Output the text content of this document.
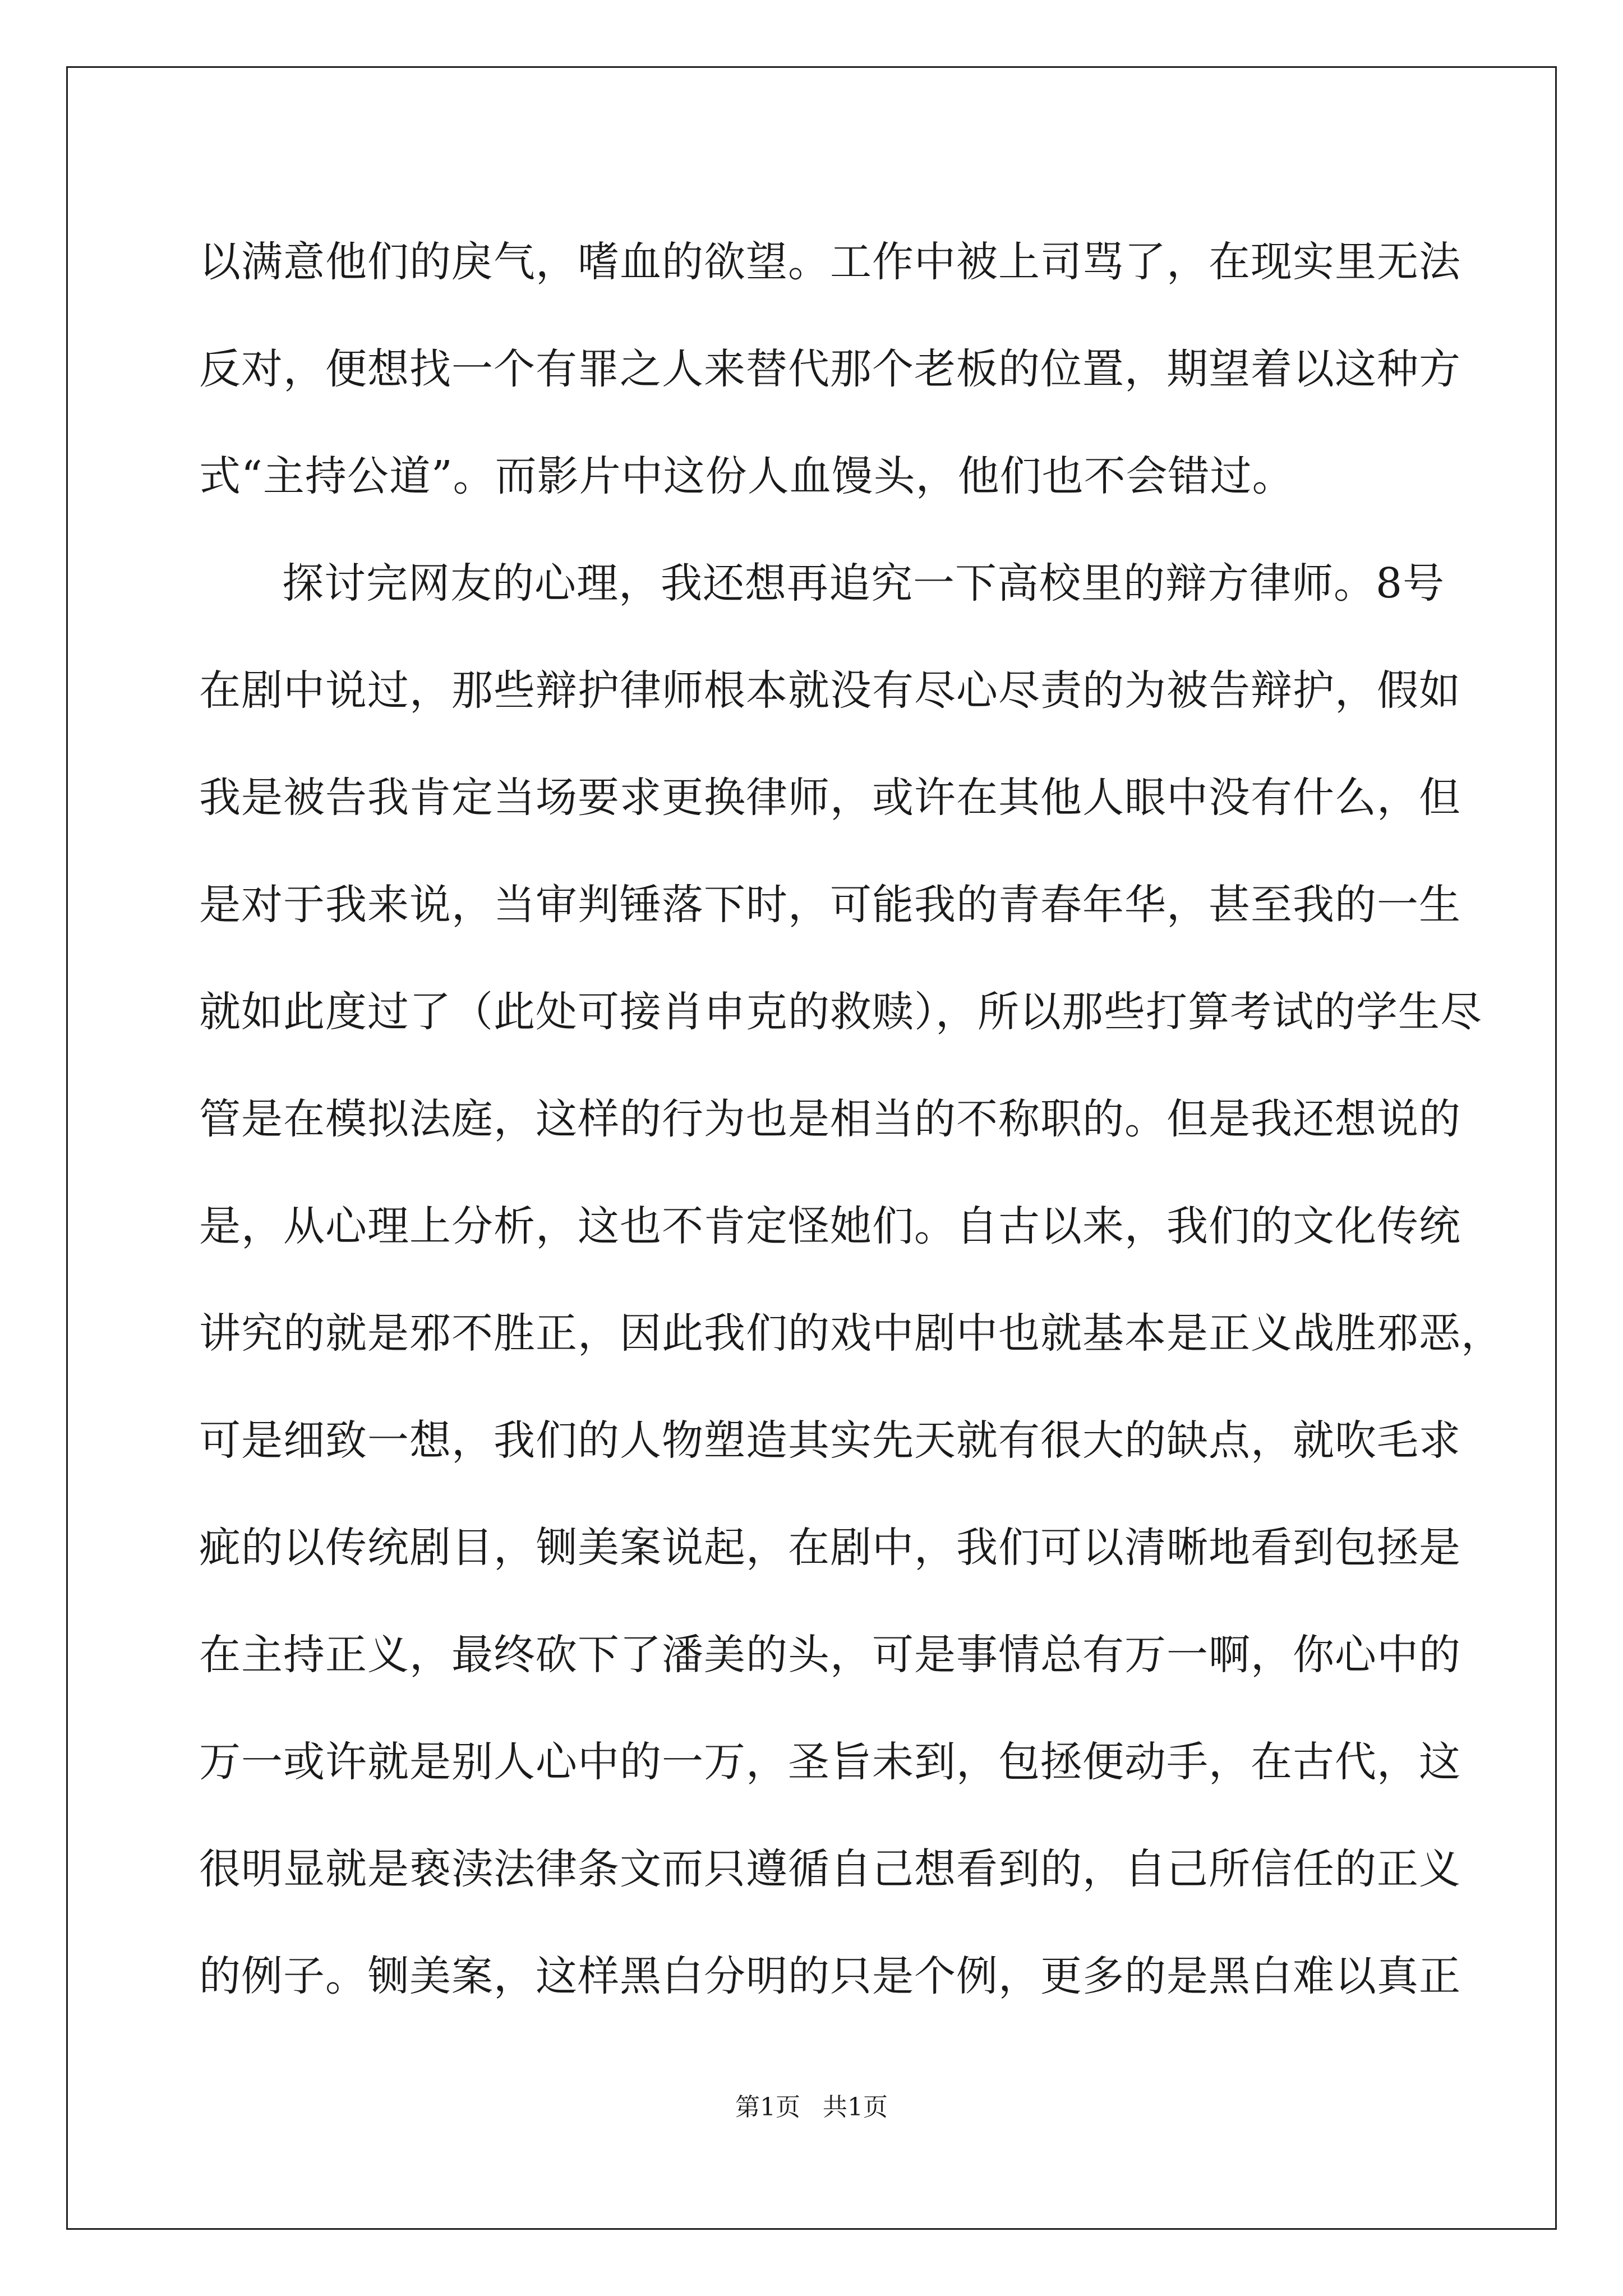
以满意他们的戾气，嗜血的欲望。工作中被上司骂了，在现实里无法
反对，便想找一个有罪之人来替代那个老板的位置，期望着以这种方
式“主持公道”。而影片中这份人血馒头，他们也不会错过。
探讨完网友的心理，我还想再追究一下高校里的辩方律师。8号
在剧中说过，那些辩护律师根本就没有尽心尽责的为被告辩护，假如
我是被告我肯定当场要求更换律师，或许在其他人眼中没有什么，但
是对于我来说，当审判锤落下时，可能我的青春年华，甚至我的一生
就如此度过了（此处可接肖申克的救赎），所以那些打算考试的学生尽
管是在模拟法庭，这样的行为也是相当的不称职的。但是我还想说的
是，从心理上分析，这也不肯定怪她们。自古以来，我们的文化传统
讲究的就是邪不胜正，因此我们的戏中剧中也就基本是正义战胜邪恶，
可是细致一想，我们的人物塑造其实先天就有很大的缺点，就吹毛求
疵的以传统剧目，铡美案说起，在剧中，我们可以清晰地看到包拯是
在主持正义，最终砍下了潘美的头，可是事情总有万一啊，你心中的
万一或许就是别人心中的一万，圣旨未到，包拯便动手，在古代，这
很明显就是亵渎法律条文而只遵循自己想看到的，自己所信任的正义
的例子。铡美案，这样黑白分明的只是个例，更多的是黑白难以真正
第1页 共1页
